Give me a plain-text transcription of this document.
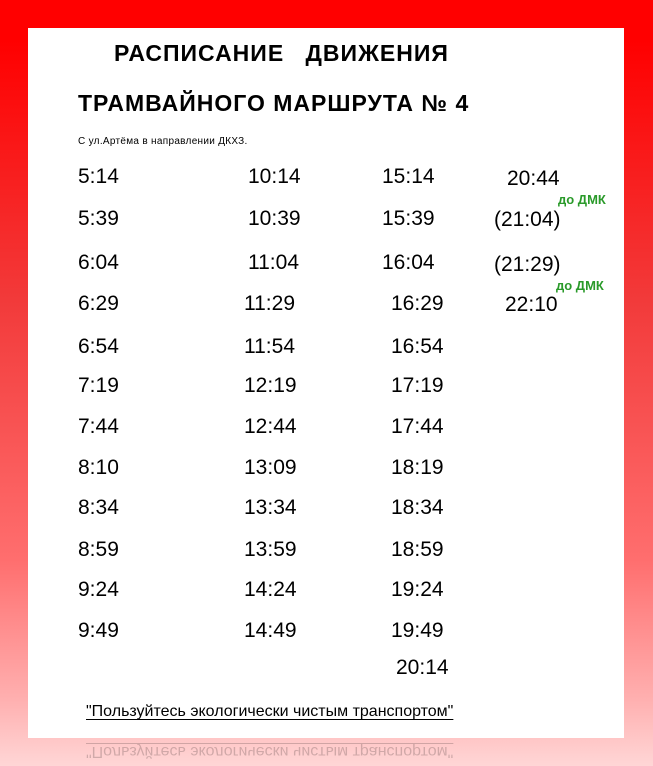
РАСПИСАНИЕ ДВИЖЕНИЯ
ТРАМВАЙНОГО МАРШРУТА № 4
С ул.Артёма в направлении ДКХЗ.
5:14
5:39
6:04
6:29
6:54
7:19
7:44
8:10
8:34
8:59
9:24
9:49
10:14
10:39
11:04
11:29
11:54
12:19
12:44
13:09
13:34
13:59
14:24
14:49
15:14
15:39
16:04
16:29
16:54
17:19
17:44
18:19
18:34
18:59
19:24
19:49
20:14
20:44
до ДМК
(21:04)
(21:29)
до ДМК
22:10
"Пользуйтесь экологически чистым транспортом"
"Пользуйтесь экологически чистым транспортом"
